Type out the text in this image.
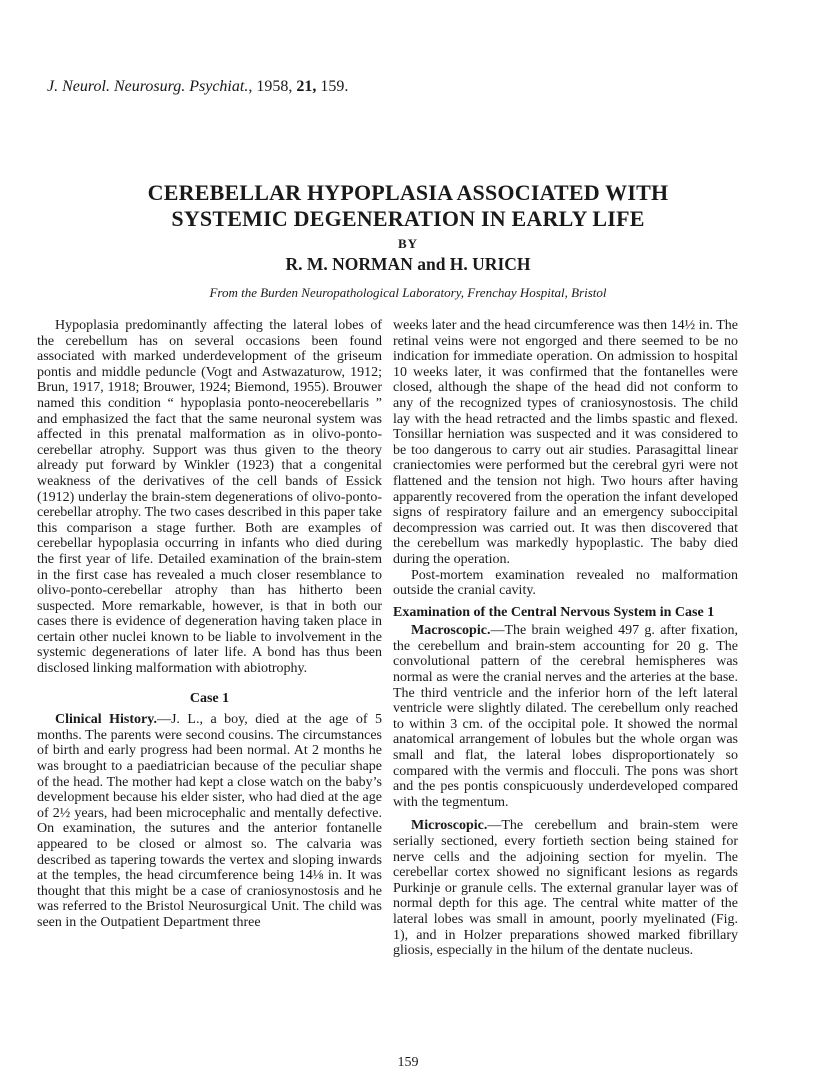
J. Neurol. Neurosurg. Psychiat., 1958, 21, 159.
CEREBELLAR HYPOPLASIA ASSOCIATED WITH
SYSTEMIC DEGENERATION IN EARLY LIFE
BY
R. M. NORMAN and H. URICH
From the Burden Neuropathological Laboratory, Frenchay Hospital, Bristol

Hypoplasia predominantly affecting the lateral lobes of the cerebellum has on several occasions been found associated with marked underdevelopment of the griseum pontis and middle peduncle (Vogt and Astwazaturow, 1912; Brun, 1917, 1918; Brouwer, 1924; Biemond, 1955). Brouwer named this condition “ hypoplasia ponto-neocerebellaris ” and emphasized the fact that the same neuronal system was affected in this prenatal malformation as in olivo-ponto-cerebellar atrophy. Support was thus given to the theory already put forward by Winkler (1923) that a congenital weakness of the derivatives of the cell bands of Essick (1912) underlay the brain-stem degenerations of olivo-ponto-cerebellar atrophy. The two cases described in this paper take this comparison a stage further. Both are examples of cerebellar hypoplasia occurring in infants who died during the first year of life. Detailed examination of the brain-stem in the first case has revealed a much closer resemblance to olivo-ponto-cerebellar atrophy than has hitherto been suspected. More remarkable, however, is that in both our cases there is evidence of degeneration having taken place in certain other nuclei known to be liable to involvement in the systemic degenerations of later life. A bond has thus been disclosed linking malformation with abiotrophy.

Case 1

Clinical History.—J. L., a boy, died at the age of 5 months. The parents were second cousins. The circumstances of birth and early progress had been normal. At 2 months he was brought to a paediatrician because of the peculiar shape of the head. The mother had kept a close watch on the baby’s development because his elder sister, who had died at the age of 2½ years, had been microcephalic and mentally defective. On examination, the sutures and the anterior fontanelle appeared to be closed or almost so. The calvaria was described as tapering towards the vertex and sloping inwards at the temples, the head circumference being 14⅛ in. It was thought that this might be a case of craniosynostosis and he was referred to the Bristol Neurosurgical Unit. The child was seen in the Outpatient Department three

weeks later and the head circumference was then 14½ in. The retinal veins were not engorged and there seemed to be no indication for immediate operation. On admission to hospital 10 weeks later, it was confirmed that the fontanelles were closed, although the shape of the head did not conform to any of the recognized types of craniosynostosis. The child lay with the head retracted and the limbs spastic and flexed. Tonsillar herniation was suspected and it was considered to be too dangerous to carry out air studies. Parasagittal linear craniectomies were performed but the cerebral gyri were not flattened and the tension not high. Two hours after having apparently recovered from the operation the infant developed signs of respiratory failure and an emergency suboccipital decompression was carried out. It was then discovered that the cerebellum was markedly hypoplastic. The baby died during the operation.

Post-mortem examination revealed no malformation outside the cranial cavity.

Examination of the Central Nervous System in Case 1

Macroscopic.—The brain weighed 497 g. after fixation, the cerebellum and brain-stem accounting for 20 g. The convolutional pattern of the cerebral hemispheres was normal as were the cranial nerves and the arteries at the base. The third ventricle and the inferior horn of the left lateral ventricle were slightly dilated. The cerebellum only reached to within 3 cm. of the occipital pole. It showed the normal anatomical arrangement of lobules but the whole organ was small and flat, the lateral lobes disproportionately so compared with the vermis and flocculi. The pons was short and the pes pontis conspicuously underdeveloped compared with the tegmentum.

Microscopic.—The cerebellum and brain-stem were serially sectioned, every fortieth section being stained for nerve cells and the adjoining section for myelin. The cerebellar cortex showed no significant lesions as regards Purkinje or granule cells. The external granular layer was of normal depth for this age. The central white matter of the lateral lobes was small in amount, poorly myelinated (Fig. 1), and in Holzer preparations showed marked fibrillary gliosis, especially in the hilum of the dentate nucleus.

159
